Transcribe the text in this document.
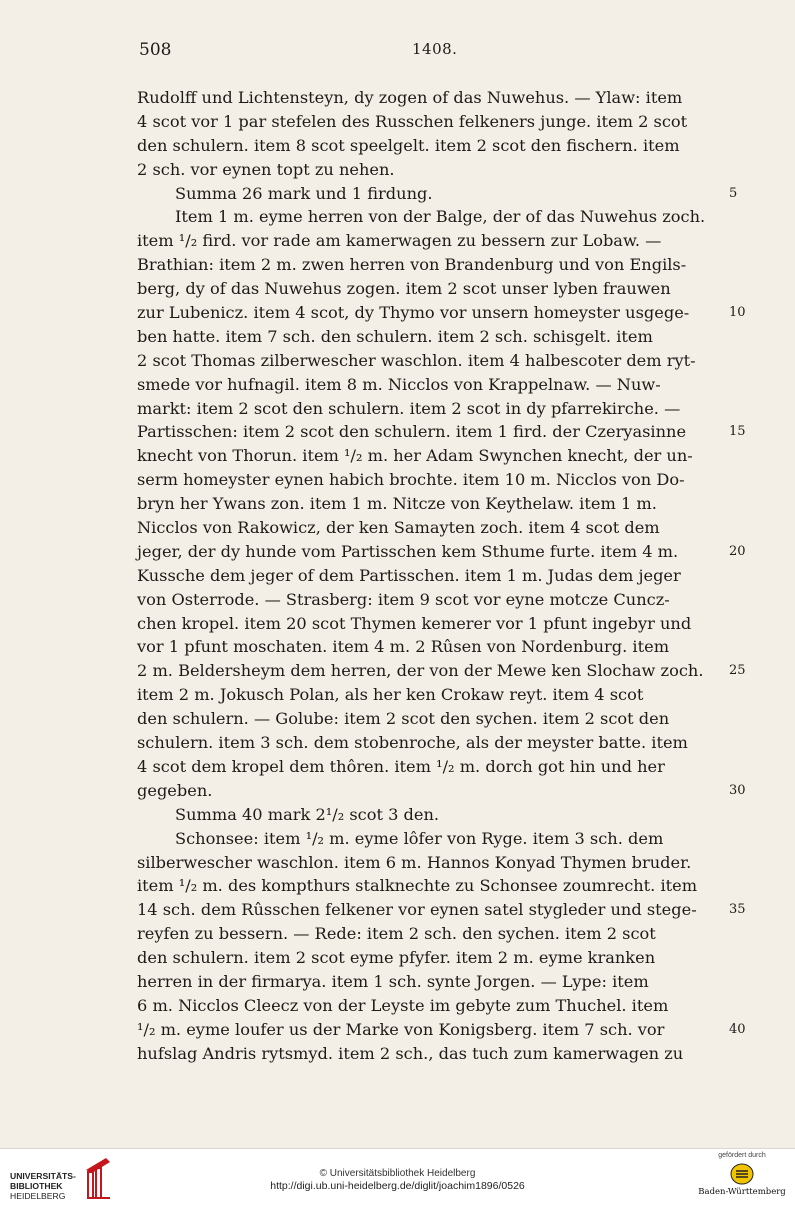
508	1408.
Rudolff und Lichtensteyn, dy zogen of das Nuwehus. — Ylaw: item
4 scot vor 1 par stefelen des Russchen felkeners junge. item 2 scot
den schulern. item 8 scot speelgelt. item 2 scot den fischern. item
2 sch. vor eynen topt zu nehen.
Summa 26 mark und 1 firdung.	5
Item 1 m. eyme herren von der Balge, der of das Nuwehus zoch.
item ¹/₂ fird. vor rade am kamerwagen zu bessern zur Lobaw. —
Brathian: item 2 m. zwen herren von Brandenburg und von Engils-
berg, dy of das Nuwehus zogen. item 2 scot unser lyben frauwen
zur Lubenicz. item 4 scot, dy Thymo vor unsern homeyster usgege-	10
ben hatte. item 7 sch. den schulern. item 2 sch. schisgelt. item
2 scot Thomas zilberwescher waschlon. item 4 halbescoter dem ryt-
smede vor hufnagil. item 8 m. Nicclos von Krappelnaw. — Nuw-
markt: item 2 scot den schulern. item 2 scot in dy pfarrekirche. —
Partisschen: item 2 scot den schulern. item 1 fird. der Czeryasinne	15
knecht von Thorun. item ¹/₂ m. her Adam Swynchen knecht, der un-
serm homeyster eynen habich brochte. item 10 m. Nicclos von Do-
bryn her Ywans zon. item 1 m. Nitcze von Keythelaw. item 1 m.
Nicclos von Rakowicz, der ken Samayten zoch. item 4 scot dem
jeger, der dy hunde vom Partisschen kem Sthume furte. item 4 m.	20
Kussche dem jeger of dem Partisschen. item 1 m. Judas dem jeger
von Osterrode. — Strasberg: item 9 scot vor eyne motcze Cuncz-
chen kropel. item 20 scot Thymen kemerer vor 1 pfunt ingebyr und
vor 1 pfunt moschaten. item 4 m. 2 Rûsen von Nordenburg. item
2 m. Beldersheym dem herren, der von der Mewe ken Slochaw zoch. 25
item 2 m. Jokusch Polan, als her ken Crokaw reyt. item 4 scot
den schulern. — Golube: item 2 scot den sychen. item 2 scot den
schulern. item 3 sch. dem stobenroche, als der meyster batte. item
4 scot dem kropel dem thôren. item ¹/₂ m. dorch got hin und her
gegeben.	30
Summa 40 mark 2¹/₂ scot 3 den.
Schonsee: item ¹/₂ m. eyme lôfer von Ryge. item 3 sch. dem
silberwescher waschlon. item 6 m. Hannos Konyad Thymen bruder.
item ¹/₂ m. des kompthurs stalknechte zu Schonsee zoumrecht. item
14 sch. dem Rûsschen felkener vor eynen satel stygleder und stege- 35
reyfen zu bessern. — Rede: item 2 sch. den sychen. item 2 scot
den schulern. item 2 scot eyme pfyfer. item 2 m. eyme kranken
herren in der firmarya. item 1 sch. synte Jorgen. — Lype: item
6 m. Nicclos Cleecz von der Leyste im gebyte zum Thuchel. item
¹/₂ m. eyme loufer us der Marke von Konigsberg. item 7 sch. vor	40
hufslag Andris rytsmyd. item 2 sch., das tuch zum kamerwagen zu
UNIVERSITÄTS-
BIBLIOTHEK
HEIDELBERG
© Universitätsbibliothek Heidelberg
http://digi.ub.uni-heidelberg.de/diglit/joachim1896/0526
gefördert durch
Baden-Württemberg
